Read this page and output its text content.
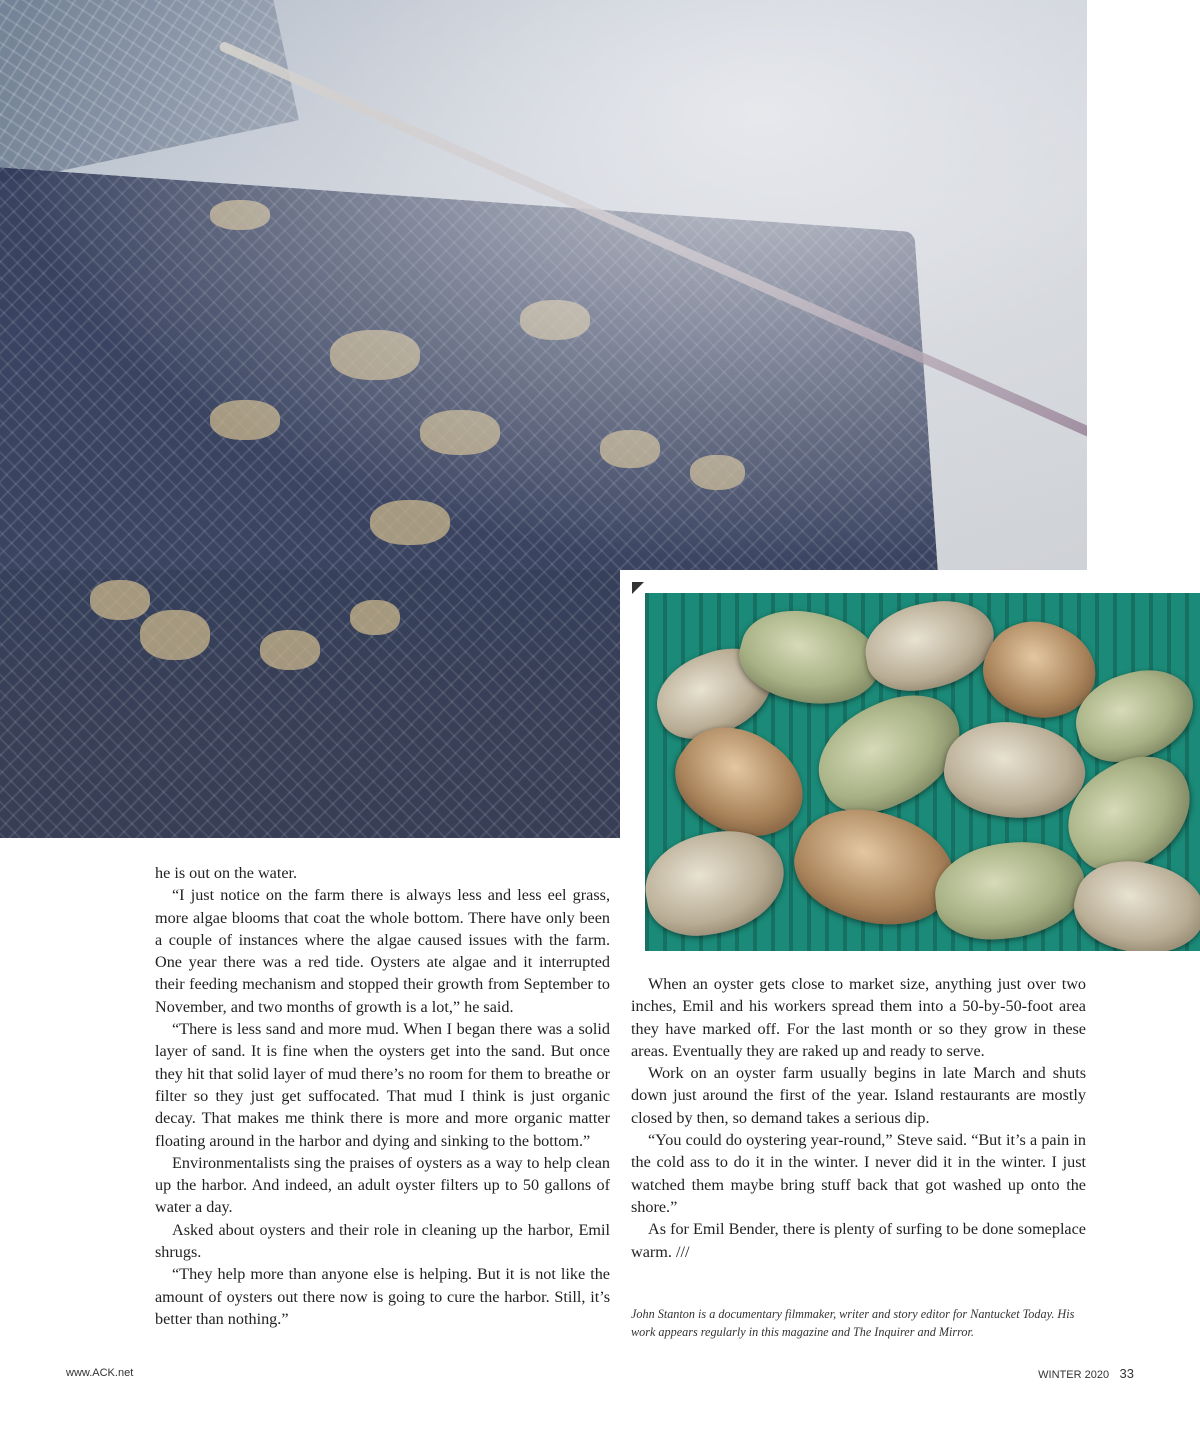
he is out on the water.

“I just notice on the farm there is always less and less eel grass, more algae blooms that coat the whole bottom. There have only been a couple of instances where the algae caused issues with the farm. One year there was a red tide. Oysters ate algae and it interrupted their feeding mechanism and stopped their growth from September to November, and two months of growth is a lot,” he said.

“There is less sand and more mud. When I began there was a solid layer of sand. It is fine when the oysters get into the sand. But once they hit that solid layer of mud there’s no room for them to breathe or filter so they just get suffocated. That mud I think is just organic decay. That makes me think there is more and more organic matter floating around in the harbor and dying and sinking to the bottom.”

Environmentalists sing the praises of oysters as a way to help clean up the harbor. And indeed, an adult oyster filters up to 50 gallons of water a day.

Asked about oysters and their role in cleaning up the harbor, Emil shrugs.

“They help more than anyone else is helping. But it is not like the amount of oysters out there now is going to cure the harbor. Still, it’s better than nothing.”

When an oyster gets close to market size, anything just over two inches, Emil and his workers spread them into a 50-by-50-foot area they have marked off. For the last month or so they grow in these areas. Eventually they are raked up and ready to serve.

Work on an oyster farm usually begins in late March and shuts down just around the first of the year. Island restaurants are mostly closed by then, so demand takes a serious dip.

“You could do oystering year-round,” Steve said. “But it’s a pain in the cold ass to do it in the winter. I never did it in the winter. I just watched them maybe bring stuff back that got washed up onto the shore.”

As for Emil Bender, there is plenty of surfing to be done someplace warm. ///

John Stanton is a documentary filmmaker, writer and story editor for Nantucket Today. His work appears regularly in this magazine and The Inquirer and Mirror.
www.ACK.net	WINTER 2020 33
